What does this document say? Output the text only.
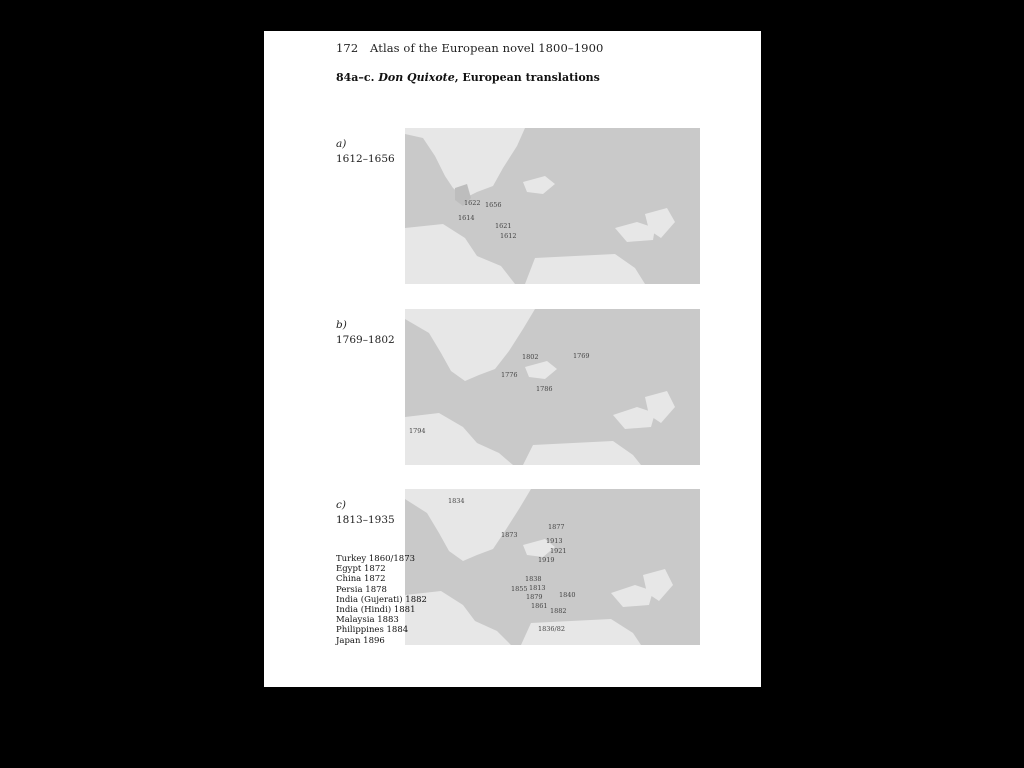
172 Atlas of the European novel 1800–1900
84a–c. Don Quixote, European translations
a)
1612–1656
1622 1656
1614
1621
1612
b)
1769–1802
1802	1769
1776
1786
1794
c)
1813–1935
1834
1877
1873
1913
1921
1919
1838
1855 1813
1879	1840
1861
1882
1836/82
Turkey 1860/1873
Egypt 1872
China 1872
Persia 1878
India (Gujerati) 1882
India (Hindi) 1881
Malaysia 1883
Philippines 1884
Japan 1896
